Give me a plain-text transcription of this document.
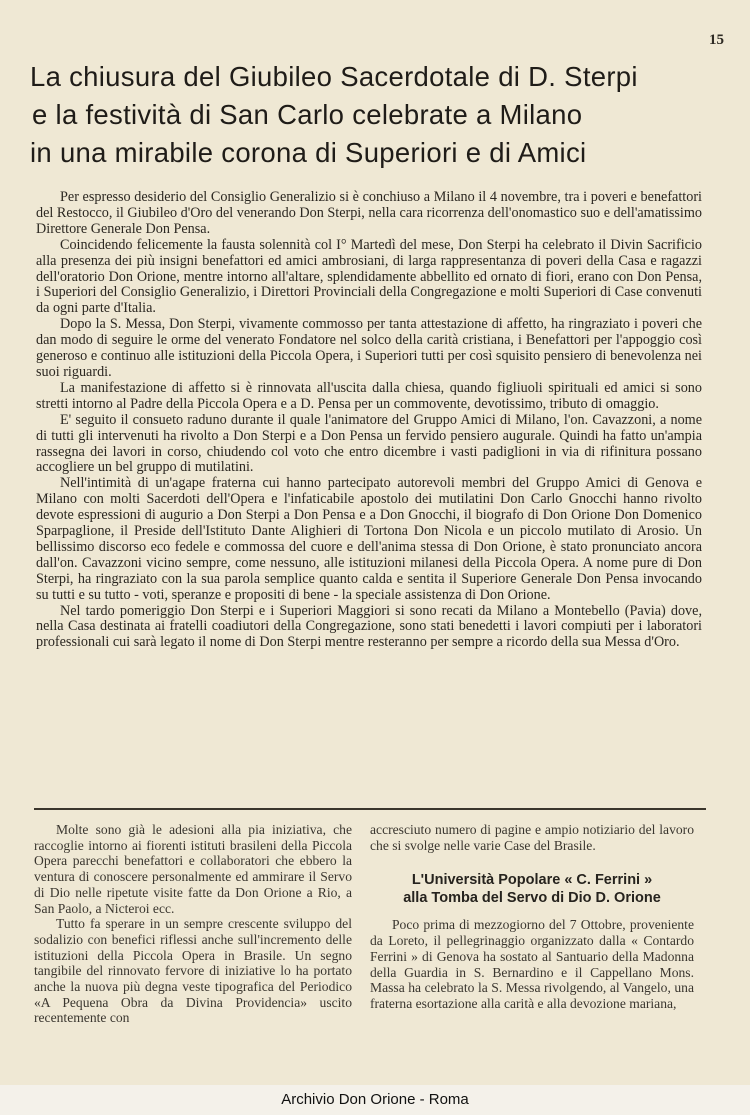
15
La chiusura del Giubileo Sacerdotale di D. Sterpi
e la festività di San Carlo celebrate a Milano
in una mirabile corona di Superiori e di Amici

Per espresso desiderio del Consiglio Generalizio si è conchiuso a Milano il 4 novembre, tra i poveri e benefattori del Restocco, il Giubileo d'Oro del venerando Don Sterpi, nella cara ricorrenza dell'onomastico suo e dell'amatissimo Direttore Generale Don Pensa.

Coincidendo felicemente la fausta solennità col I° Martedì del mese, Don Sterpi ha celebrato il Divin Sacrificio alla presenza dei più insigni benefattori ed amici ambrosiani, di larga rappresentanza di poveri della Casa e ragazzi dell'oratorio Don Orione, mentre intorno all'altare, splendidamente abbellito ed ornato di fiori, erano con Don Pensa, i Superiori del Consiglio Generalizio, i Direttori Provinciali della Congregazione e molti Superiori di Case convenuti da ogni parte d'Italia.

Dopo la S. Messa, Don Sterpi, vivamente commosso per tanta attestazione di affetto, ha ringraziato i poveri che dan modo di seguire le orme del venerato Fondatore nel solco della carità cristiana, i Benefattori per l'appoggio così generoso e continuo alle istituzioni della Piccola Opera, i Superiori tutti per così squisito pensiero di benevolenza nei suoi riguardi.

La manifestazione di affetto si è rinnovata all'uscita dalla chiesa, quando figliuoli spirituali ed amici si sono stretti intorno al Padre della Piccola Opera e a D. Pensa per un commovente, devotissimo, tributo di omaggio.

E' seguito il consueto raduno durante il quale l'animatore del Gruppo Amici di Milano, l'on. Cavazzoni, a nome di tutti gli intervenuti ha rivolto a Don Sterpi e a Don Pensa un fervido pensiero augurale. Quindi ha fatto un'ampia rassegna dei lavori in corso, chiudendo col voto che entro dicembre i vasti padiglioni in via di rifinitura possano accogliere un bel gruppo di mutilatini.

Nell'intimità di un'agape fraterna cui hanno partecipato autorevoli membri del Gruppo Amici di Genova e Milano con molti Sacerdoti dell'Opera e l'infaticabile apostolo dei mutilatini Don Carlo Gnocchi hanno rivolto devote espressioni di augurio a Don Sterpi a Don Pensa e a Don Gnocchi, il biografo di Don Orione Don Domenico Sparpaglione, il Preside dell'Istituto Dante Alighieri di Tortona Don Nicola e un piccolo mutilato di Arosio. Un bellissimo discorso eco fedele e commossa del cuore e dell'anima stessa di Don Orione, è stato pronunciato ancora dall'on. Cavazzoni vicino sempre, come nessuno, alle istituzioni milanesi della Piccola Opera. A nome pure di Don Sterpi, ha ringraziato con la sua parola semplice quanto calda e sentita il Superiore Generale Don Pensa invocando su tutti e su tutto - voti, speranze e propositi di bene - la speciale assistenza di Don Orione.

Nel tardo pomeriggio Don Sterpi e i Superiori Maggiori si sono recati da Milano a Montebello (Pavia) dove, nella Casa destinata ai fratelli coadiutori della Congregazione, sono stati benedetti i lavori compiuti per i laboratori professionali cui sarà legato il nome di Don Sterpi mentre resteranno per sempre a ricordo della sua Messa d'Oro.

Molte sono già le adesioni alla pia iniziativa, che raccoglie intorno ai fiorenti istituti brasileni della Piccola Opera parecchi benefattori e collaboratori che ebbero la ventura di conoscere personalmente ed ammirare il Servo di Dio nelle ripetute visite fatte da Don Orione a Rio, a San Paolo, a Nicteroi ecc.

Tutto fa sperare in un sempre crescente sviluppo del sodalizio con benefici riflessi anche sull'incremento delle istituzioni della Piccola Opera in Brasile. Un segno tangibile del rinnovato fervore di iniziative lo ha portato anche la nuova più degna veste tipografica del Periodico «A Pequena Obra da Divina Providencia» uscito recentemente con

accresciuto numero di pagine e ampio notiziario del lavoro che si svolge nelle varie Case del Brasile.

L'Università Popolare « C. Ferrini »
alla Tomba del Servo di Dio D. Orione

Poco prima di mezzogiorno del 7 Ottobre, proveniente da Loreto, il pellegrinaggio organizzato dalla « Contardo Ferrini » di Genova ha sostato al Santuario della Madonna della Guardia in S. Bernardino e il Cappellano Mons. Massa ha celebrato la S. Messa rivolgendo, al Vangelo, una fraterna esortazione alla carità e alla devozione mariana,

Archivio Don Orione - Roma
